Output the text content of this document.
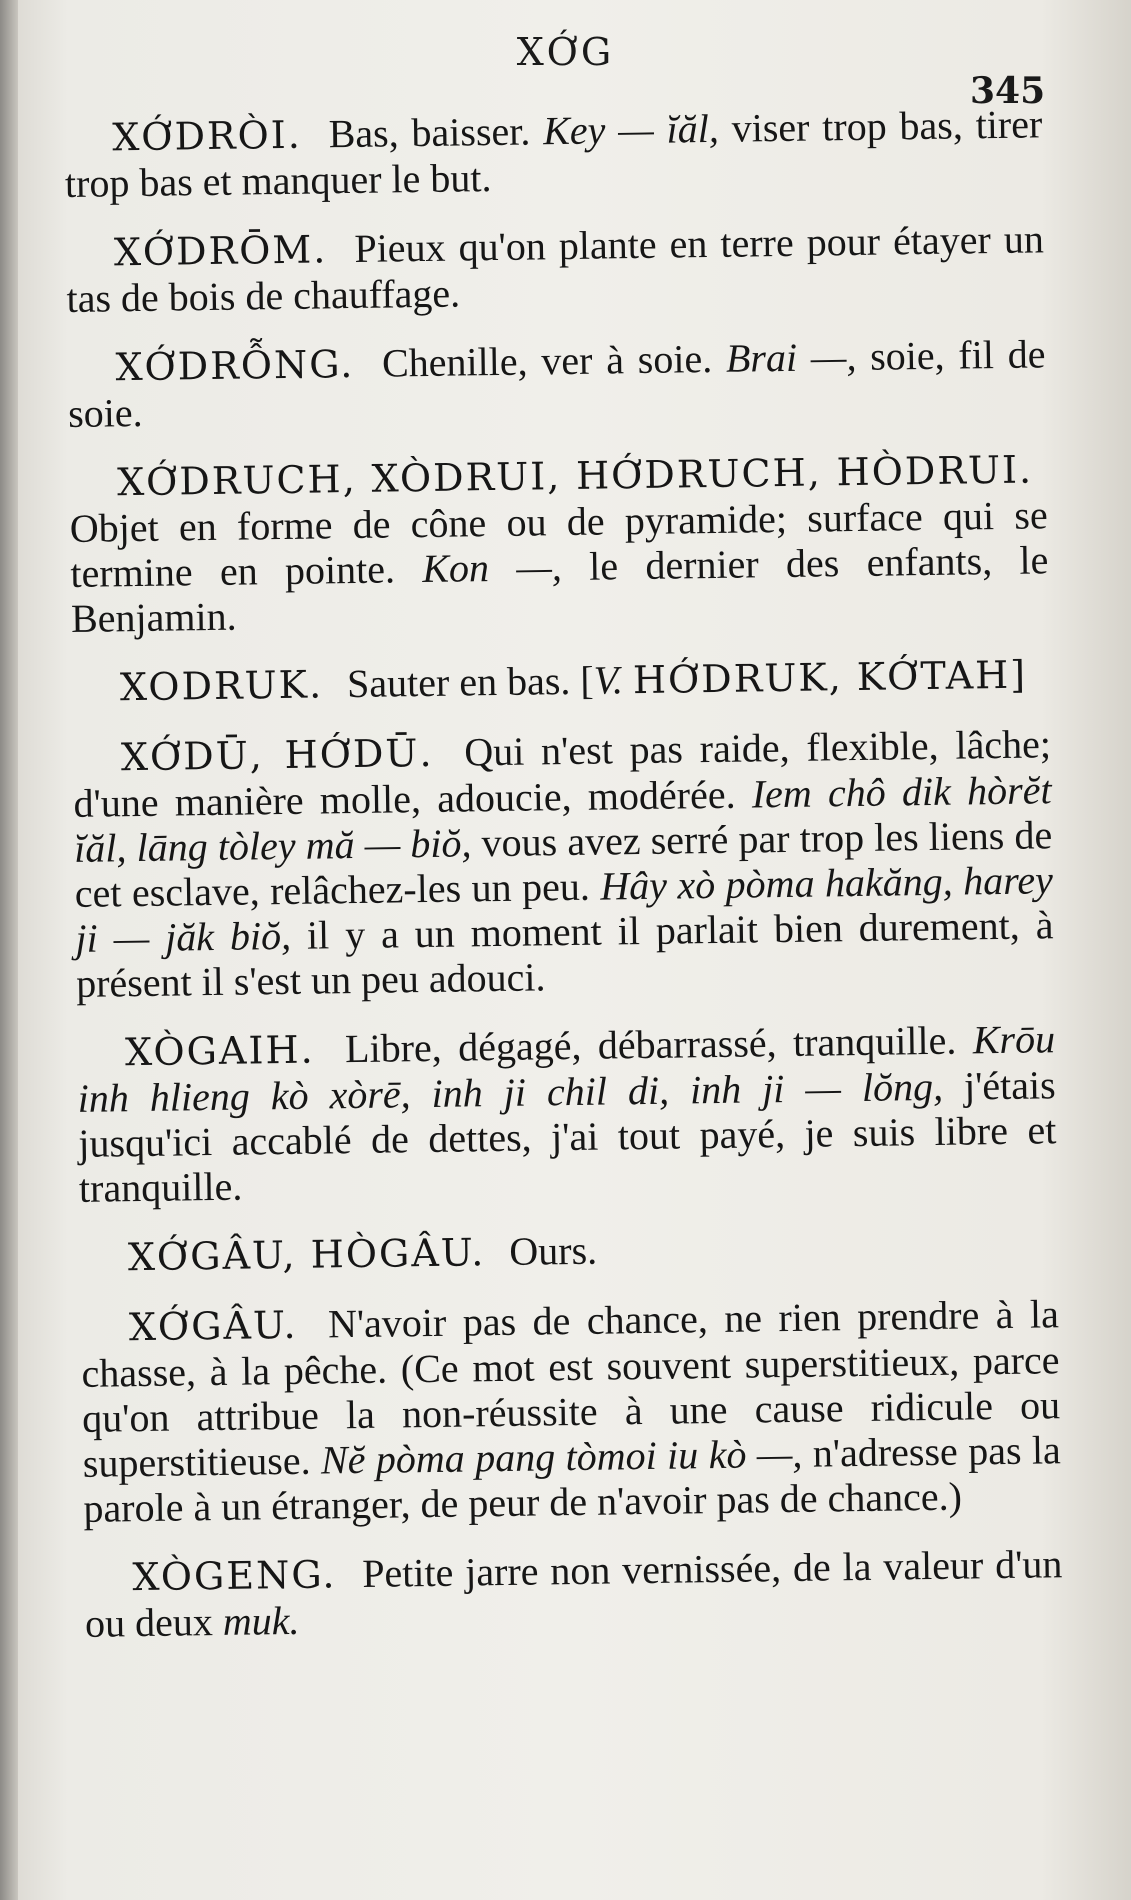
XỚG
345

XỚDRÒI. Bas, baisser. Key — ĭăl, viser trop bas, tirer trop bas et manquer le but.

XỚDRŌM. Pieux qu'on plante en terre pour étayer un tas de bois de chauffage.

XỚDRỖNG. Chenille, ver à soie. Brai —, soie, fil de soie.

XỚDRUCH, XÒDRUI, HỚDRUCH, HÒDRUI. Objet en forme de cône ou de pyramide; surface qui se termine en pointe. Kon —, le dernier des enfants, le Benjamin.

XODRUK. Sauter en bas. [V. HỚDRUK, KỚTAH]

XỚDŪ, HỚDŪ. Qui n'est pas raide, flexible, lâche; d'une manière molle, adoucie, modérée. Iem chô dik hòrĕt ĭăl, lāng tòley mă — biŏ, vous avez serré par trop les liens de cet esclave, relâchez-les un peu. Hây xò pòma hakăng, harey ji — jăk biŏ, il y a un moment il parlait bien durement, à présent il s'est un peu adouci.

XÒGAIH. Libre, dégagé, débarrassé, tranquille. Krōu inh hlieng kò xòrē, inh ji chil di, inh ji — lŏng, j'étais jusqu'ici accablé de dettes, j'ai tout payé, je suis libre et tranquille.

XỚGÂU, HÒGÂU. Ours.

XỚGÂU. N'avoir pas de chance, ne rien prendre à la chasse, à la pêche. (Ce mot est souvent superstitieux, parce qu'on attribue la non-réussite à une cause ridicule ou superstitieuse. Nĕ pòma pang tòmoi iu kò —, n'adresse pas la parole à un étranger, de peur de n'avoir pas de chance.)

XÒGENG. Petite jarre non vernissée, de la valeur d'un ou deux muk.
